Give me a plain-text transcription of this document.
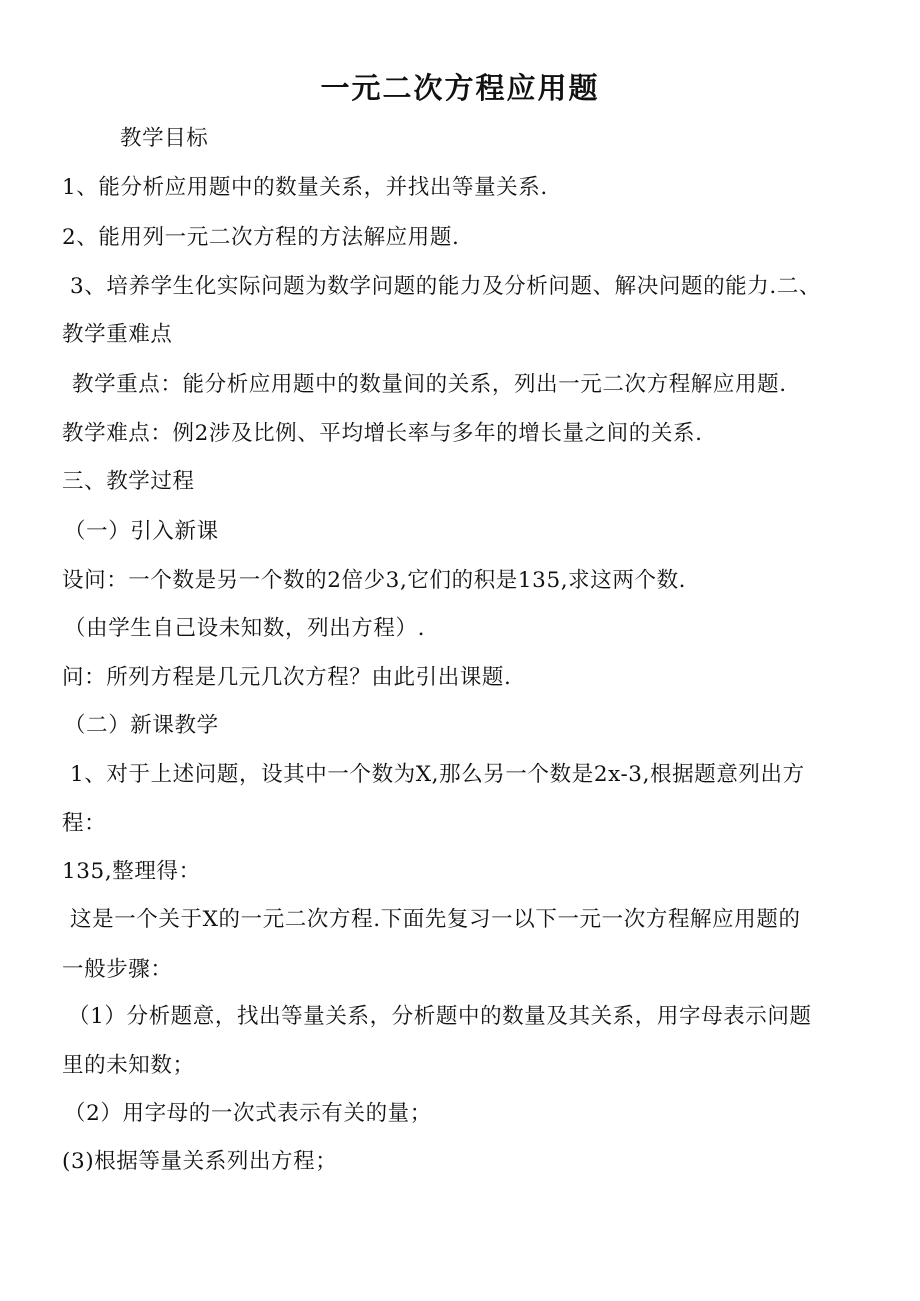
一元二次方程应用题
教学目标
1、能分析应用题中的数量关系，并找出等量关系.
2、能用列一元二次方程的方法解应用题.
3、培养学生化实际问题为数学问题的能力及分析问题、解决问题的能力.二、
教学重难点
教学重点：能分析应用题中的数量间的关系，列出一元二次方程解应用题.
教学难点：例2涉及比例、平均增长率与多年的增长量之间的关系.
三、教学过程
（一）引入新课
设问：一个数是另一个数的2倍少3,它们的积是135,求这两个数.
（由学生自己设未知数，列出方程）.
问：所列方程是几元几次方程？由此引出课题.
（二）新课教学
1、对于上述问题，设其中一个数为X,那么另一个数是2x-3,根据题意列出方
程：
135,整理得：
这是一个关于X的一元二次方程.下面先复习一以下一元一次方程解应用题的
一般步骤：
（1）分析题意，找出等量关系，分析题中的数量及其关系，用字母表示问题
里的未知数；
（2）用字母的一次式表示有关的量；
(3)根据等量关系列出方程；
